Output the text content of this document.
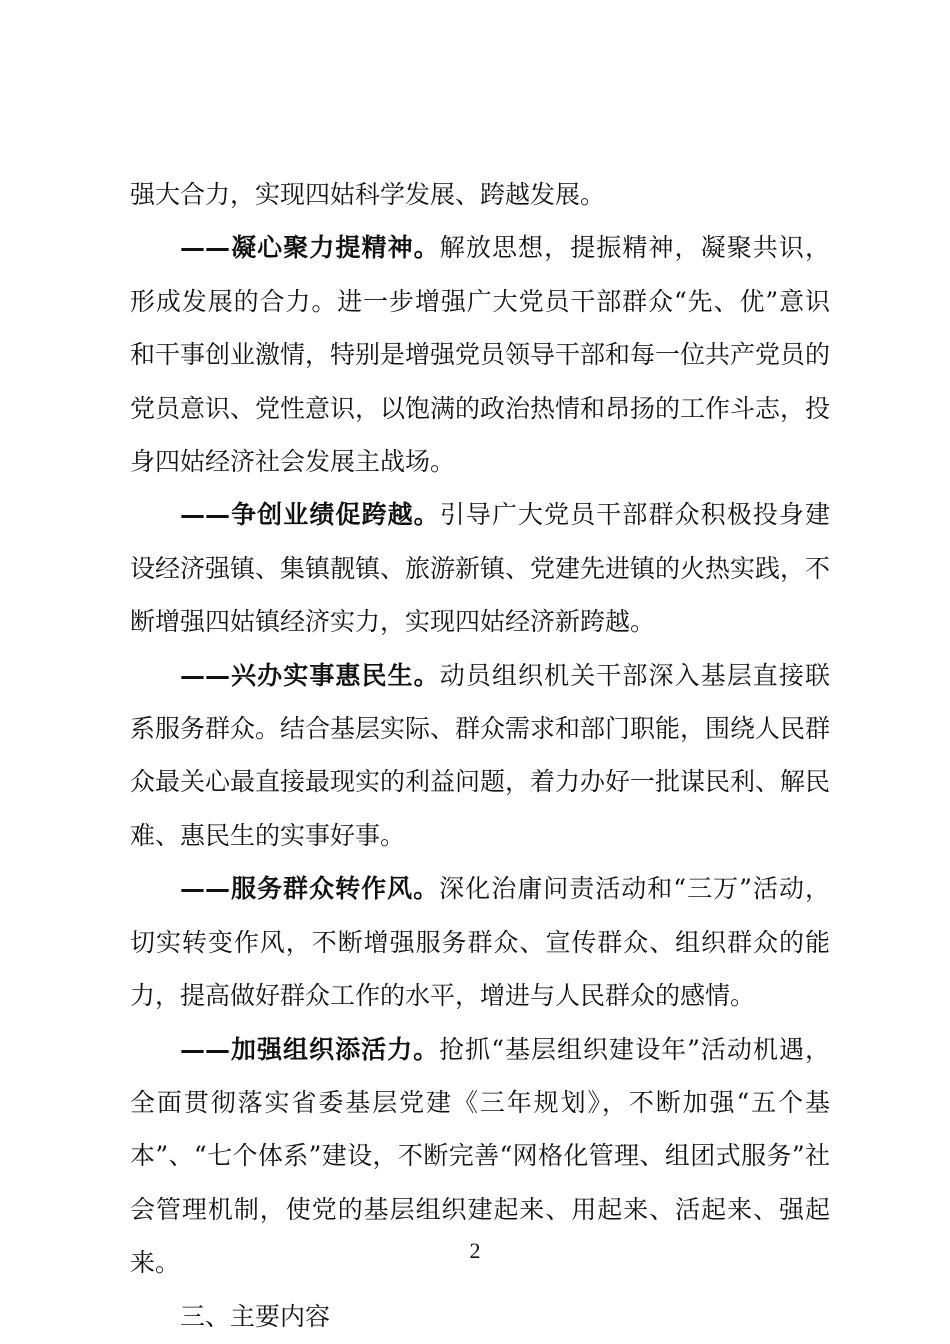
强大合力，实现四姑科学发展、跨越发展。

——凝心聚力提精神。解放思想，提振精神，凝聚共识，形成发展的合力。进一步增强广大党员干部群众“先、优”意识和干事创业激情，特别是增强党员领导干部和每一位共产党员的党员意识、党性意识，以饱满的政治热情和昂扬的工作斗志，投身四姑经济社会发展主战场。

——争创业绩促跨越。引导广大党员干部群众积极投身建设经济强镇、集镇靓镇、旅游新镇、党建先进镇的火热实践，不断增强四姑镇经济实力，实现四姑经济新跨越。

——兴办实事惠民生。动员组织机关干部深入基层直接联系服务群众。结合基层实际、群众需求和部门职能，围绕人民群众最关心最直接最现实的利益问题，着力办好一批谋民利、解民难、惠民生的实事好事。

——服务群众转作风。深化治庸问责活动和“三万”活动，切实转变作风，不断增强服务群众、宣传群众、组织群众的能力，提高做好群众工作的水平，增进与人民群众的感情。

——加强组织添活力。抢抓“基层组织建设年”活动机遇，全面贯彻落实省委基层党建《三年规划》，不断加强“五个基本”、“七个体系”建设，不断完善“网格化管理、组团式服务”社会管理机制，使党的基层组织建起来、用起来、活起来、强起来。

三、主要内容

2
